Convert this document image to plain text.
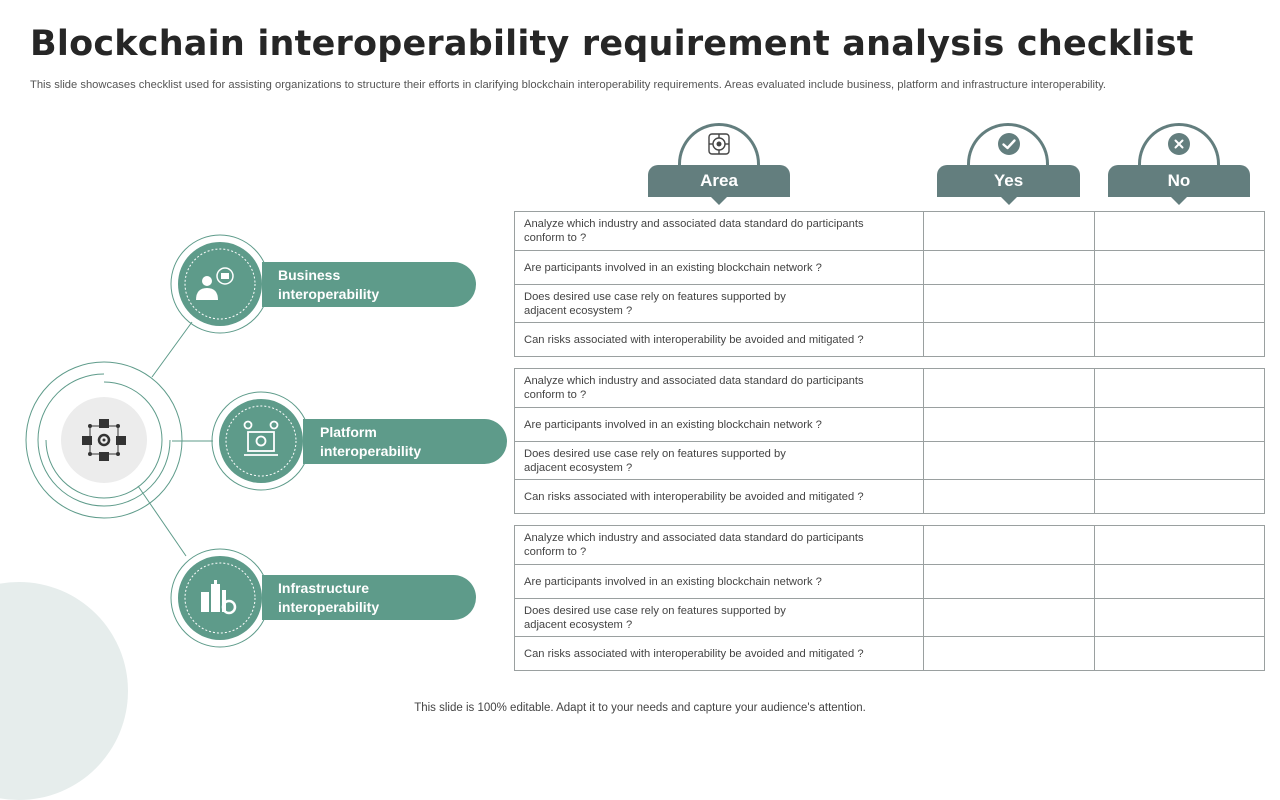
Blockchain interoperability requirement analysis checklist
This slide showcases checklist used for assisting organizations to structure their efforts in clarifying blockchain interoperability requirements. Areas evaluated include business, platform and infrastructure interoperability.
Business
interoperability
Platform
interoperability
Infrastructure
interoperability
Area	Yes	No
Analyze which industry and associated data standard do participants
conform to ?		
Are participants involved in an existing blockchain network ?		
Does desired use case rely on features supported by
adjacent ecosystem ?		
Can risks associated with interoperability be avoided and mitigated ?		
Analyze which industry and associated data standard do participants
conform to ?		
Are participants involved in an existing blockchain network ?		
Does desired use case rely on features supported by
adjacent ecosystem ?		
Can risks associated with interoperability be avoided and mitigated ?		
Analyze which industry and associated data standard do participants
conform to ?		
Are participants involved in an existing blockchain network ?		
Does desired use case rely on features supported by
adjacent ecosystem ?		
Can risks associated with interoperability be avoided and mitigated ?		
This slide is 100% editable. Adapt it to your needs and capture your audience's attention.
